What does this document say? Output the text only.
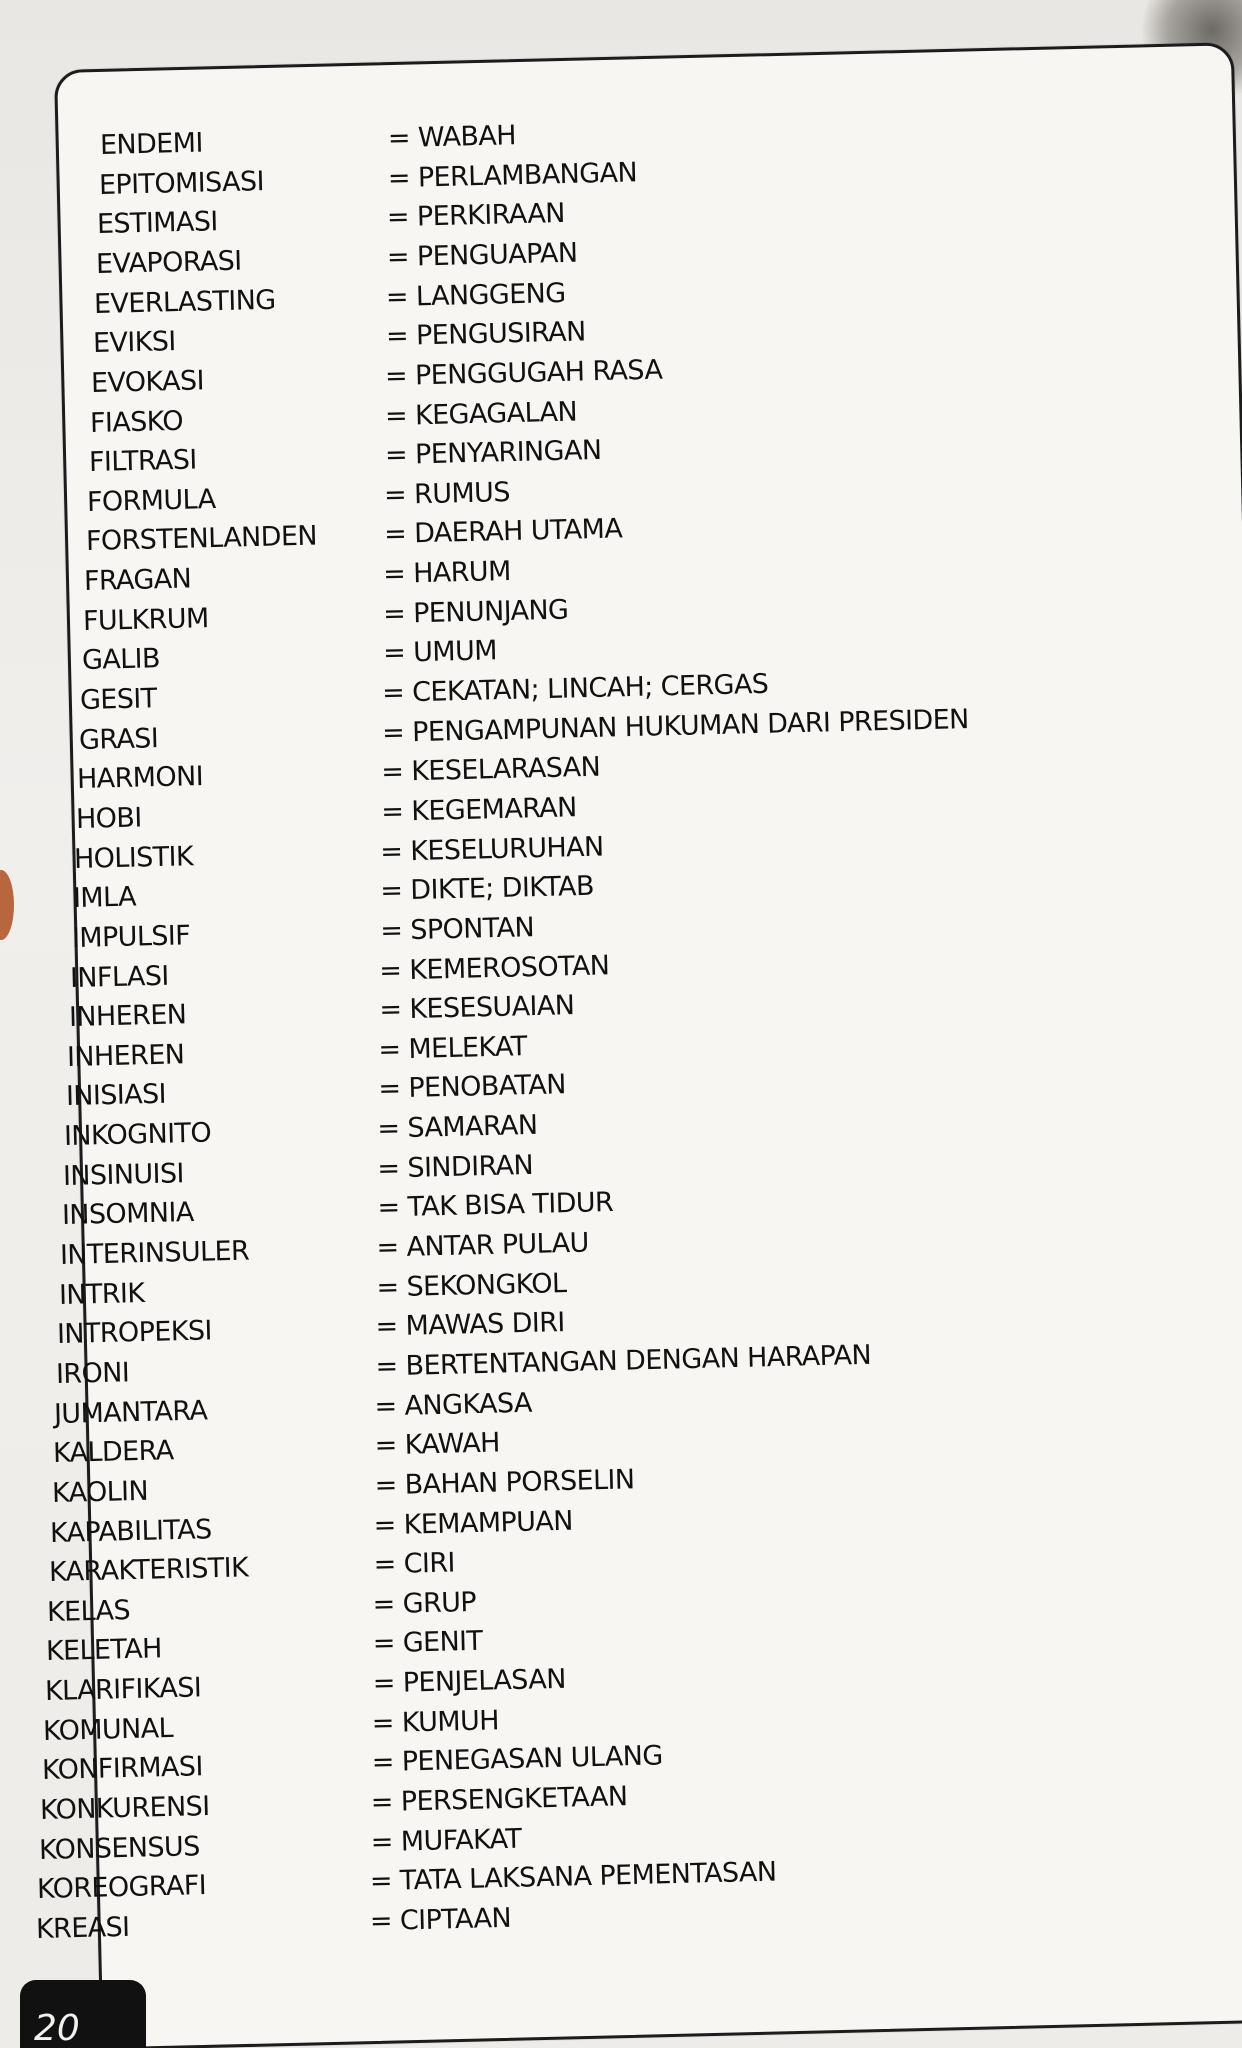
ENDEMI	= WABAH
EPITOMISASI	= PERLAMBANGAN
ESTIMASI	= PERKIRAAN
EVAPORASI	= PENGUAPAN
EVERLASTING	= LANGGENG
EVIKSI	= PENGUSIRAN
EVOKASI	= PENGGUGAH RASA
FIASKO	= KEGAGALAN
FILTRASI	= PENYARINGAN
FORMULA	= RUMUS
FORSTENLANDEN = DAERAH UTAMA
FRAGAN	= HARUM
FULKRUM	= PENUNJANG
GALIB	= UMUM
GESIT	= CEKATAN; LINCAH; CERGAS
GRASI	= PENGAMPUNAN HUKUMAN DARI PRESIDEN
HARMONI	= KESELARASAN
HOBI	= KEGEMARAN
HOLISTIK	= KESELURUHAN
IMLA	= DIKTE; DIKTAB
IMPULSIF	= SPONTAN
INFLASI	= KEMEROSOTAN
INHEREN	= KESESUAIAN
INHEREN	= MELEKAT
INISIASI	= PENOBATAN
INKOGNITO	= SAMARAN
INSINUISI	= SINDIRAN
INSOMNIA	= TAK BISA TIDUR
INTERINSULER	= ANTAR PULAU
INTRIK	= SEKONGKOL
INTROPEKSI	= MAWAS DIRI
IRONI	= BERTENTANGAN DENGAN HARAPAN
JUMANTARA	= ANGKASA
KALDERA	= KAWAH
KAOLIN	= BAHAN PORSELIN
KAPABILITAS	= KEMAMPUAN
KARAKTERISTIK	= CIRI
KELAS	= GRUP
KELETAH	= GENIT
KLARIFIKASI	= PENJELASAN
KOMUNAL	= KUMUH
KONFIRMASI	= PENEGASAN ULANG
KONKURENSI	= PERSENGKETAAN
KONSENSUS	= MUFAKAT
KOREOGRAFI	= TATA LAKSANA PEMENTASAN
KREASI	= CIPTAAN
20
